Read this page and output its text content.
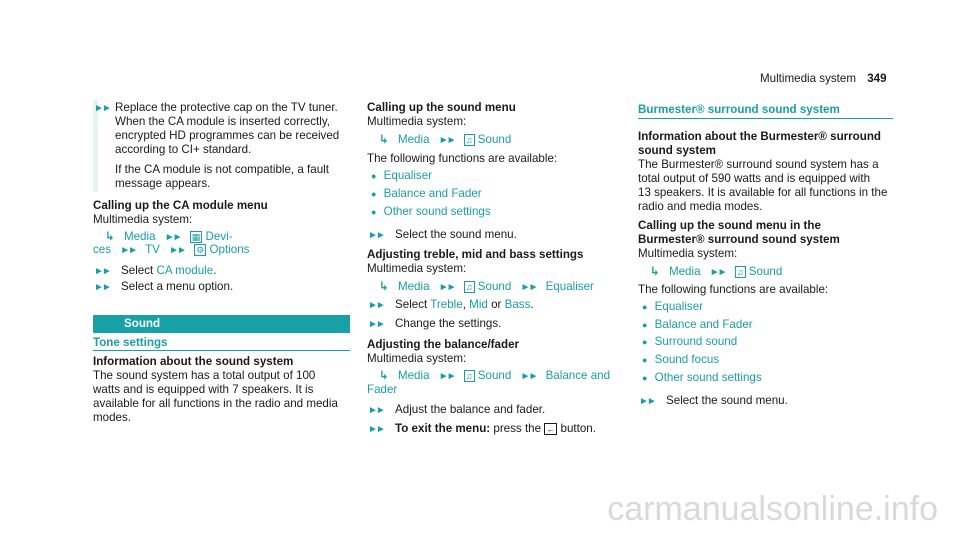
Multimedia system 349
►► Replace the protective cap on the TV tuner.
When the CA module is inserted correctly,
encrypted HD programmes can be received
according to CI+ standard.
If the CA module is not compatible, a fault
message appears.
Calling up the CA module menu
Multimedia system:
↳ Media ►► ▦ Devi-
ces ►► TV ►► ⚙ Options
►► Select CA module.
►► Select a menu option.
Sound
Tone settings
Information about the sound system
The sound system has a total output of 100
watts and is equipped with 7 speakers. It is
available for all functions in the radio and media
modes.
Calling up the sound menu
Multimedia system:
↳ Media ►► ♫ Sound
The following functions are available:
● Equaliser
● Balance and Fader
● Other sound settings
►► Select the sound menu.
Adjusting treble, mid and bass settings
Multimedia system:
↳ Media ►► ♫ Sound ►► Equaliser
►► Select Treble, Mid or Bass.
►► Change the settings.
Adjusting the balance/fader
Multimedia system:
↳ Media ►► ♫ Sound ►► Balance and
Fader
►► Adjust the balance and fader.
►► To exit the menu: press the ← button.
Burmester® surround sound system
Information about the Burmester® surround
sound system
The Burmester® surround sound system has a
total output of 590 watts and is equipped with
13 speakers. It is available for all functions in the
radio and media modes.
Calling up the sound menu in the
Burmester® surround sound system
Multimedia system:
↳ Media ►► ♫ Sound
The following functions are available:
● Equaliser
● Balance and Fader
● Surround sound
● Sound focus
● Other sound settings
►► Select the sound menu.
carmanualsonline.info
